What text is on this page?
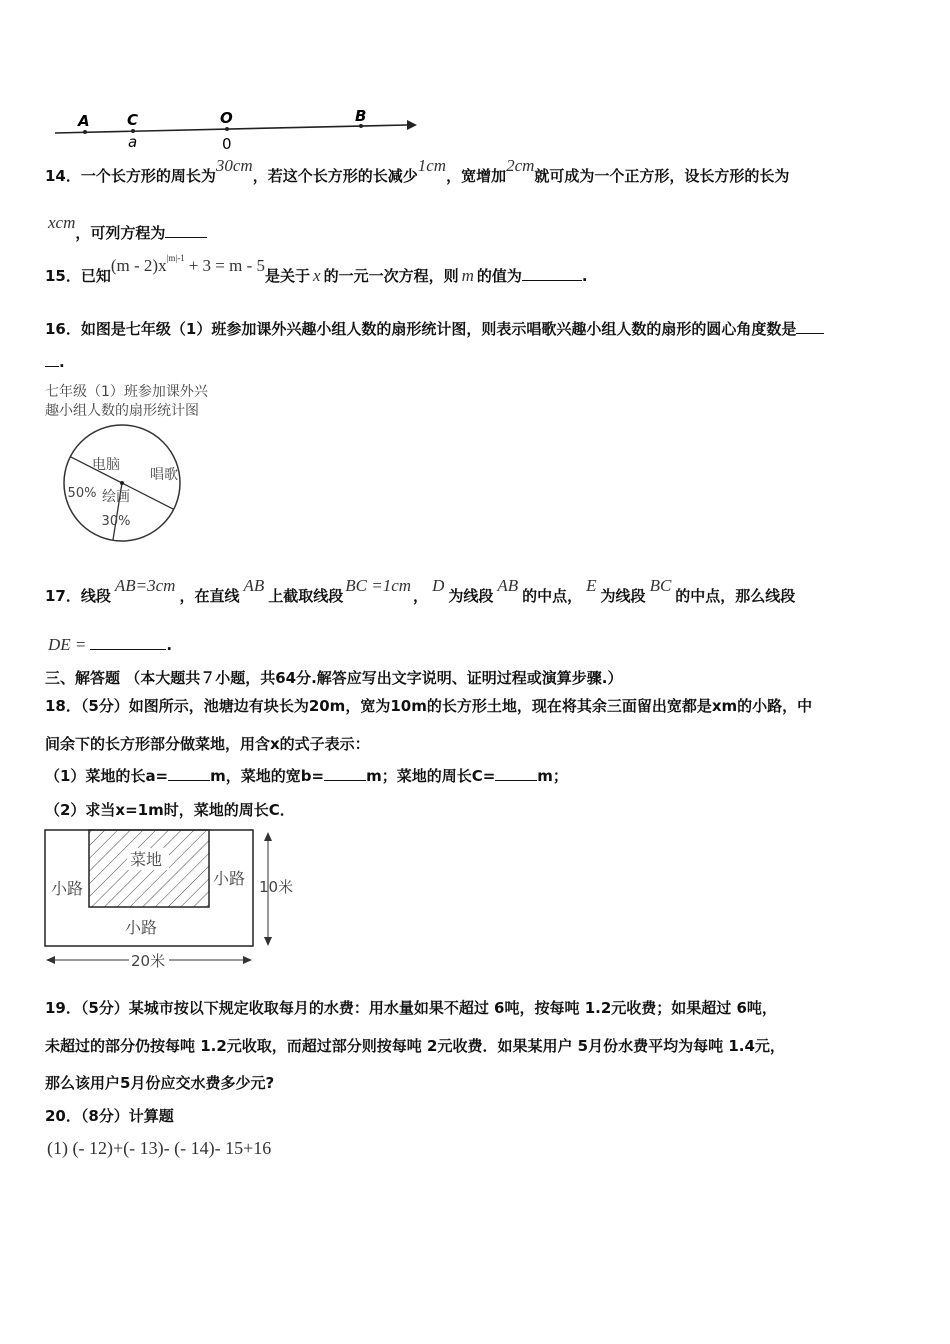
A C	O	B
a	0
14．一个长方形的周长为30cm，若这个长方形的长减少1cm，宽增加2cm就可成为一个正方形，设长方形的长为
xcm，可列方程为
15．已知$(m - 2)x^{|m|-1} + 3 = m - 5$是关于 x 的一元一次方程，则 m 的值为	.
16．如图是七年级（1）班参加课外兴趣小组人数的扇形统计图，则表示唱歌兴趣小组人数的扇形的圆心角度数是
.
七年级（1）班参加课外兴
趣小组人数的扇形统计图
电脑
50%
唱歌
绘画
30%
17．线段AB=3cm，在直线AB上截取线段BC =1cm，D为线段AB的中点，E为线段BC的中点，那么线段
DE =	.
三、解答题 （本大题共７小题，共64分.解答应写出文字说明、证明过程或演算步骤.）
18．（5分）如图所示，池塘边有块长为20m，宽为10m的长方形土地，现在将其余三面留出宽都是xm的小路，中
间余下的长方形部分做菜地，用含x的式子表示：
（1）菜地的长a=	m，菜地的宽b=	m；菜地的周长C=	m；
（2）求当x=1m时，菜地的周长C．
菜地
小路
小路
小路
10米
20米
19．（5分）某城市按以下规定收取每月的水费：用水量如果不超过 6吨，按每吨 1.2元收费；如果超过 6吨，
未超过的部分仍按每吨 1.2元收取，而超过部分则按每吨 2元收费．如果某用户 5月份水费平均为每吨 1.4元，
那么该用户5月份应交水费多少元?
20．（8分）计算题
(1) (- 12)+(- 13)- (- 14)- 15+16
